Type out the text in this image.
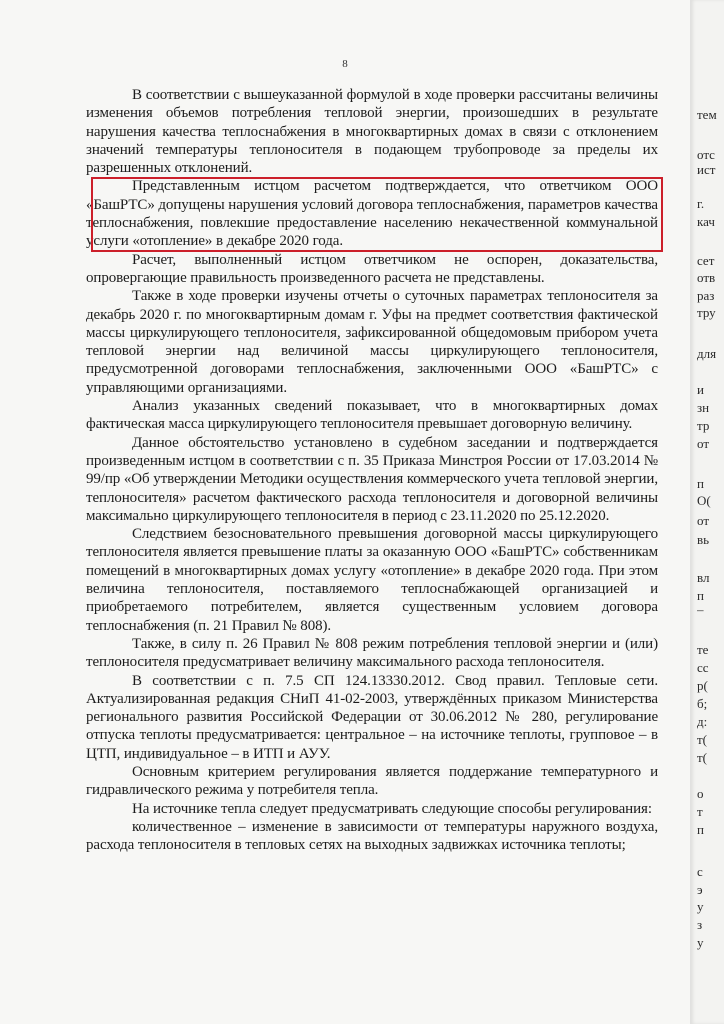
8

В соответствии с вышеуказанной формулой в ходе проверки рассчитаны величины изменения объемов потребления тепловой энергии, произошедших в результате нарушения качества теплоснабжения в многоквартирных домах в связи с отклонением значений температуры теплоносителя в подающем трубопроводе за пределы их разрешенных отклонений.

Представленным истцом расчетом подтверждается, что ответчиком ООО «БашРТС» допущены нарушения условий договора теплоснабжения, параметров качества теплоснабжения, повлекшие предоставление населению некачественной коммунальной услуги «отопление» в декабре 2020 года.

Расчет, выполненный истцом ответчиком не оспорен, доказательства, опровергающие правильность произведенного расчета не представлены.

Также в ходе проверки изучены отчеты о суточных параметрах теплоносителя за декабрь 2020 г. по многоквартирным домам г. Уфы на предмет соответствия фактической массы циркулирующего теплоносителя, зафиксированной общедомовым прибором учета тепловой энергии над величиной массы циркулирующего теплоносителя, предусмотренной договорами теплоснабжения, заключенными ООО «БашРТС» с управляющими организациями.

Анализ указанных сведений показывает, что в многоквартирных домах фактическая масса циркулирующего теплоносителя превышает договорную величину.

Данное обстоятельство установлено в судебном заседании и подтверждается произведенным истцом в соответствии с п. 35 Приказа Минстроя России от 17.03.2014 № 99/пр «Об утверждении Методики осуществления коммерческого учета тепловой энергии, теплоносителя» расчетом фактического расхода теплоносителя и договорной величины максимально циркулирующего теплоносителя в период с 23.11.2020 по 25.12.2020.

Следствием безосновательного превышения договорной массы циркулирующего теплоносителя является превышение платы за оказанную ООО «БашРТС» собственникам помещений в многоквартирных домах услугу «отопление» в декабре 2020 года. При этом величина теплоносителя, поставляемого теплоснабжающей организацией и приобретаемого потребителем, является существенным условием договора теплоснабжения (п. 21 Правил № 808).

Также, в силу п. 26 Правил № 808 режим потребления тепловой энергии и (или) теплоносителя предусматривает величину максимального расхода теплоносителя.

В соответствии с п. 7.5 СП 124.13330.2012. Свод правил. Тепловые сети. Актуализированная редакция СНиП 41-02-2003, утверждённых приказом Министерства регионального развития Российской Федерации от 30.06.2012 № 280, регулирование отпуска теплоты предусматривается: центральное – на источнике теплоты, групповое – в ЦТП, индивидуальное – в ИТП и АУУ.

Основным критерием регулирования является поддержание температурного и гидравлического режима у потребителя тепла.

На источнике тепла следует предусматривать следующие способы регулирования:

количественное – изменение в зависимости от температуры наружного воздуха, расхода теплоносителя в тепловых сетях на выходных задвижках источника теплоты;

тем
отс
ист
г.
кач
сет
отв
раз
тру
для
и
зн
тр
от
п
О(
от
вь
вл
п
–
те
сс
р(
б;
д:
т(
т(
о
т
п
с
э
у
з
у
